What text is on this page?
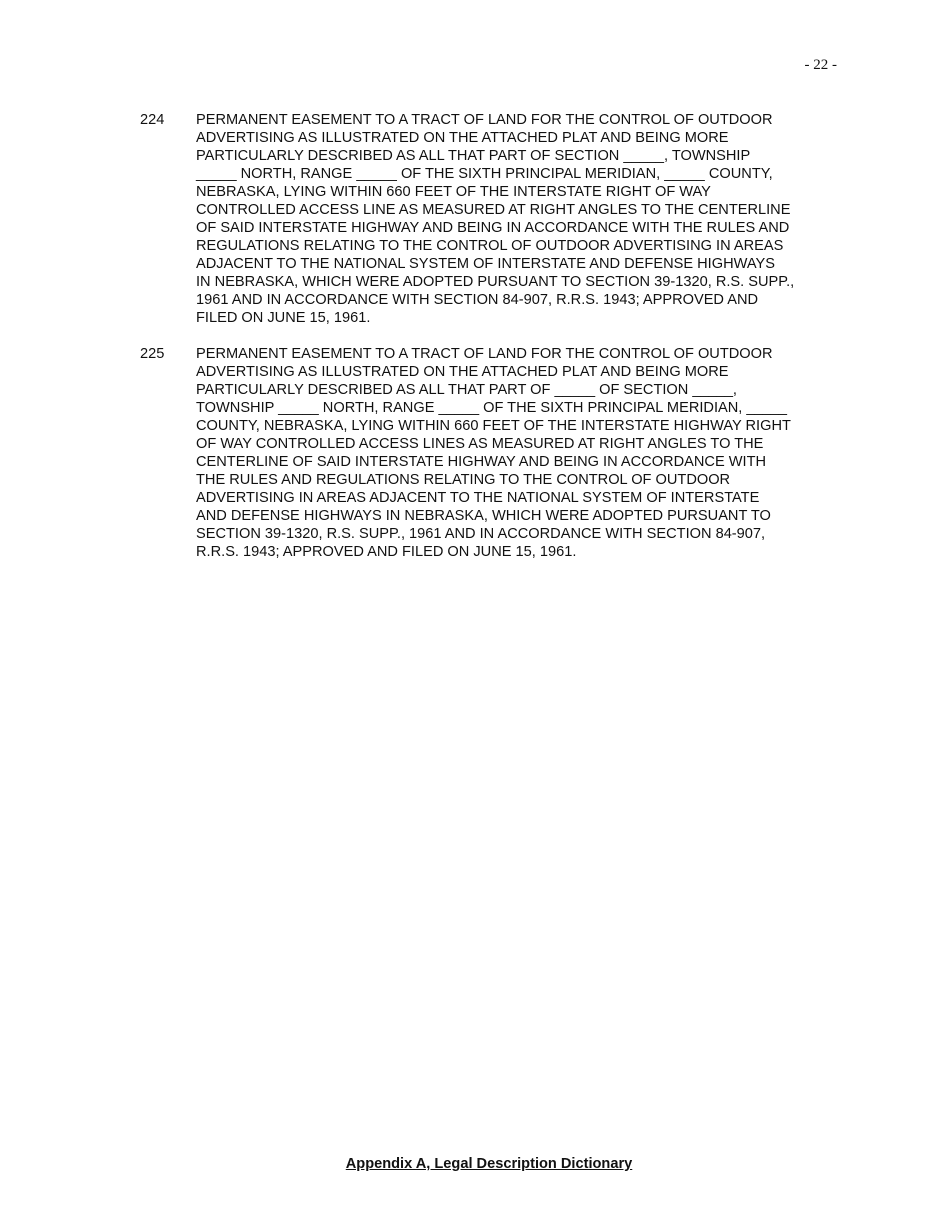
- 22 -
224	PERMANENT EASEMENT TO A TRACT OF LAND FOR THE CONTROL OF OUTDOOR
ADVERTISING AS ILLUSTRATED ON THE ATTACHED PLAT AND BEING MORE
PARTICULARLY DESCRIBED AS ALL THAT PART OF SECTION _____, TOWNSHIP
_____ NORTH, RANGE _____ OF THE SIXTH PRINCIPAL MERIDIAN, _____ COUNTY,
NEBRASKA, LYING WITHIN 660 FEET OF THE INTERSTATE RIGHT OF WAY
CONTROLLED ACCESS LINE AS MEASURED AT RIGHT ANGLES TO THE CENTERLINE
OF SAID INTERSTATE HIGHWAY AND BEING IN ACCORDANCE WITH THE RULES AND
REGULATIONS RELATING TO THE CONTROL OF OUTDOOR ADVERTISING IN AREAS
ADJACENT TO THE NATIONAL SYSTEM OF INTERSTATE AND DEFENSE HIGHWAYS
IN NEBRASKA, WHICH WERE ADOPTED PURSUANT TO SECTION 39-1320, R.S. SUPP.,
1961 AND IN ACCORDANCE WITH SECTION 84-907, R.R.S. 1943; APPROVED AND
FILED ON JUNE 15, 1961.
225	PERMANENT EASEMENT TO A TRACT OF LAND FOR THE CONTROL OF OUTDOOR
ADVERTISING AS ILLUSTRATED ON THE ATTACHED PLAT AND BEING MORE
PARTICULARLY DESCRIBED AS ALL THAT PART OF _____ OF SECTION _____,
TOWNSHIP _____ NORTH, RANGE _____ OF THE SIXTH PRINCIPAL MERIDIAN, _____
COUNTY, NEBRASKA, LYING WITHIN 660 FEET OF THE INTERSTATE HIGHWAY RIGHT
OF WAY CONTROLLED ACCESS LINES AS MEASURED AT RIGHT ANGLES TO THE
CENTERLINE OF SAID INTERSTATE HIGHWAY AND BEING IN ACCORDANCE WITH
THE RULES AND REGULATIONS RELATING TO THE CONTROL OF OUTDOOR
ADVERTISING IN AREAS ADJACENT TO THE NATIONAL SYSTEM OF INTERSTATE
AND DEFENSE HIGHWAYS IN NEBRASKA, WHICH WERE ADOPTED PURSUANT TO
SECTION 39-1320, R.S. SUPP., 1961 AND IN ACCORDANCE WITH SECTION 84-907,
R.R.S. 1943; APPROVED AND FILED ON JUNE 15, 1961.
Appendix A, Legal Description Dictionary
